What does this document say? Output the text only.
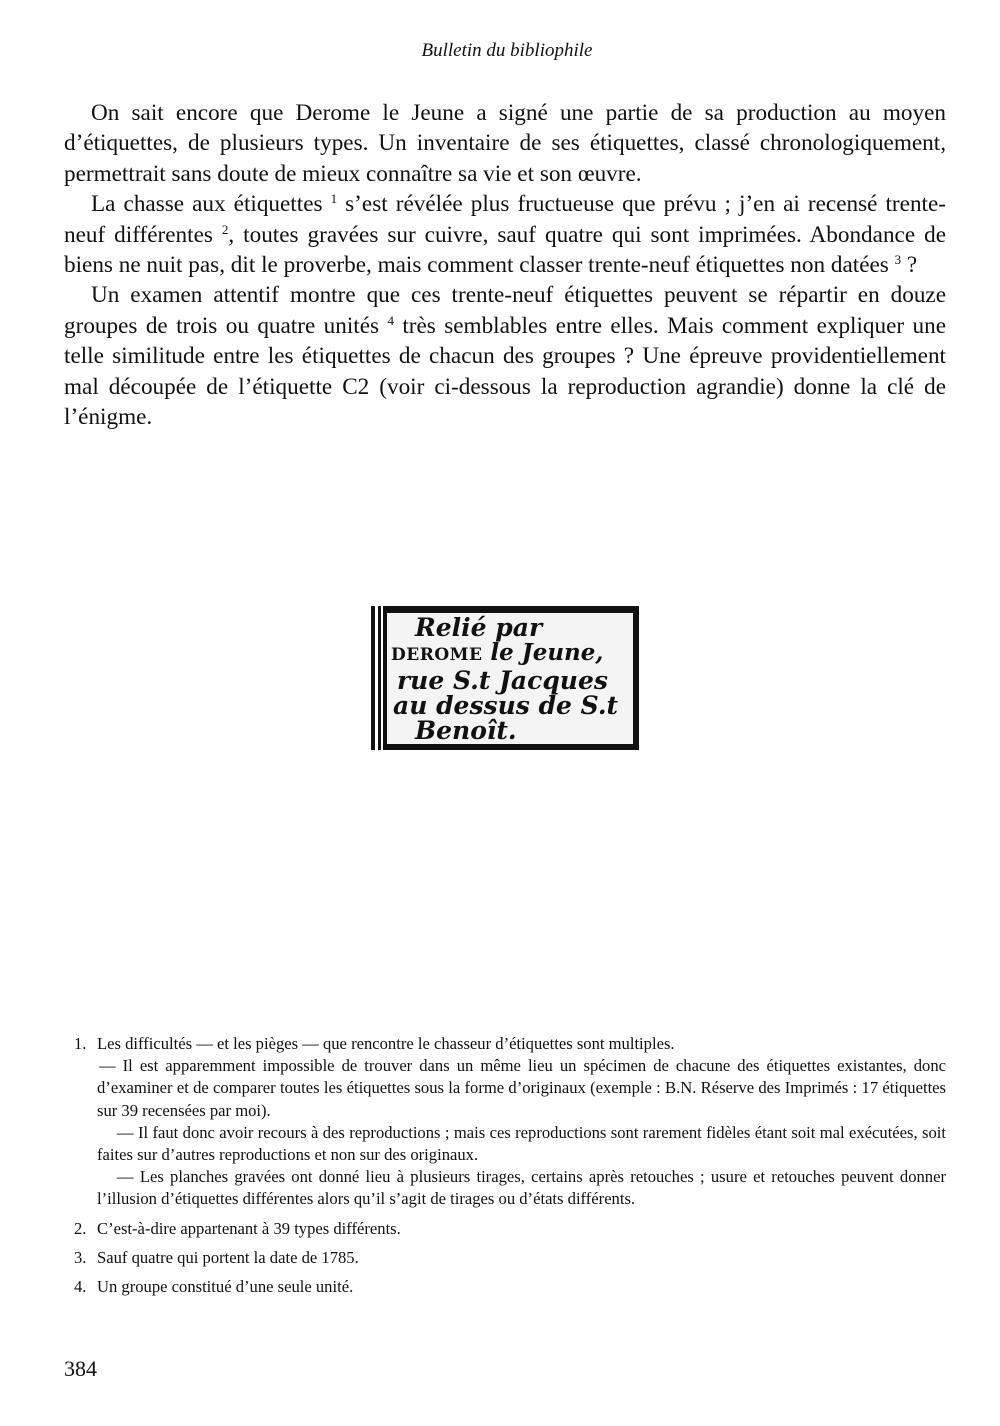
Bulletin du bibliophile

On sait encore que Derome le Jeune a signé une partie de sa production au moyen d’étiquettes, de plusieurs types. Un inventaire de ses étiquettes, classé chronologiquement, permettrait sans doute de mieux connaître sa vie et son œuvre.

La chasse aux étiquettes $^1$ s’est révélée plus fructueuse que prévu ; j’en ai recensé trente-neuf différentes $^2$, toutes gravées sur cuivre, sauf quatre qui sont imprimées. Abondance de biens ne nuit pas, dit le proverbe, mais comment classer trente-neuf étiquettes non datées $^3$ ?

Un examen attentif montre que ces trente-neuf étiquettes peuvent se répartir en douze groupes de trois ou quatre unités $^4$ très semblables entre elles. Mais comment expliquer une telle similitude entre les étiquettes de chacun des groupes ? Une épreuve providentiellement mal découpée de l’étiquette C2 (voir ci-dessous la reproduction agrandie) donne la clé de l’énigme.

Relié par
DEROME le Jeune,
rue S.t Jacques
au dessus de S.t
Benoît.
1. Les difficultés — et les pièges — que rencontre le chasseur d’étiquettes sont multiples.

— Il est apparemment impossible de trouver dans un même lieu un spécimen de chacune des étiquettes existantes, donc d’examiner et de comparer toutes les étiquettes sous la forme d’originaux (exemple : B.N. Réserve des Imprimés : 17 étiquettes sur 39 recensées par moi).

— Il faut donc avoir recours à des reproductions ; mais ces reproductions sont rarement fidèles étant soit mal exécutées, soit faites sur d’autres reproductions et non sur des originaux.

— Les planches gravées ont donné lieu à plusieurs tirages, certains après retouches ; usure et retouches peuvent donner l’illusion d’étiquettes différentes alors qu’il s’agit de tirages ou d’états différents.

2. C’est-à-dire appartenant à 39 types différents.
3. Sauf quatre qui portent la date de 1785.
4. Un groupe constitué d’une seule unité.
384
